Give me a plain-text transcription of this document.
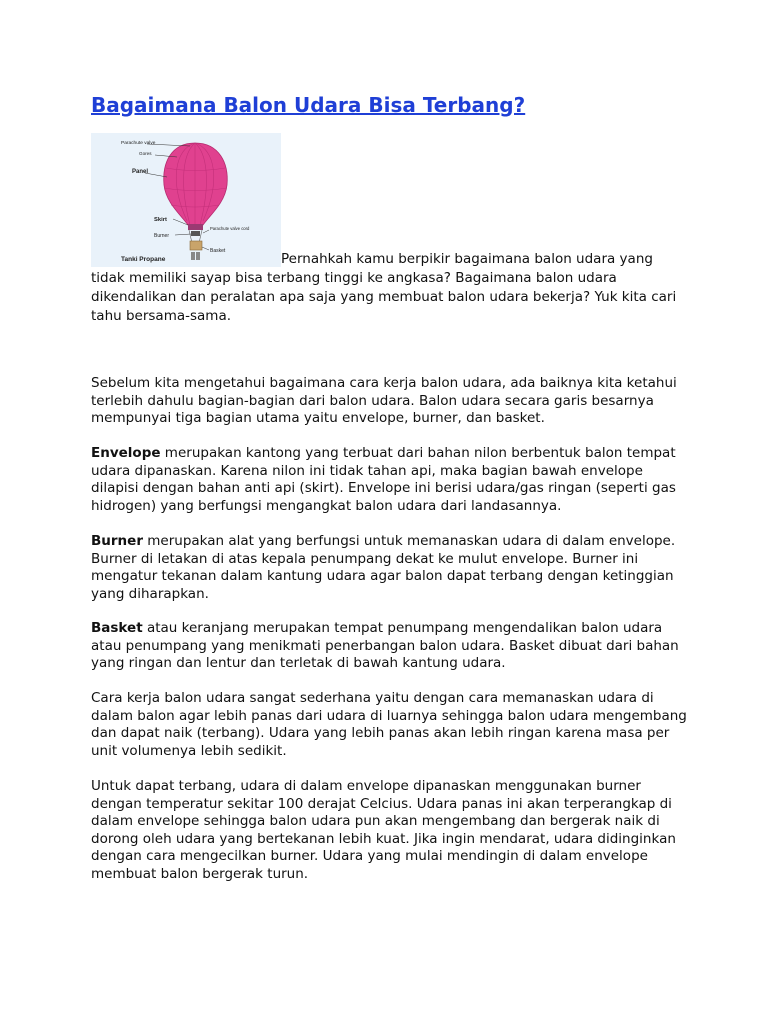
Bagaimana Balon Udara Bisa Terbang?
Parachute valve
Gores
Panel
Skirt
Burner
Parachute valve cord
Basket
Tanki Propane	Pernahkah kamu berpikir bagaimana balon udara yang
tidak memiliki sayap bisa terbang tinggi ke angkasa? Bagaimana balon udara
dikendalikan dan peralatan apa saja yang membuat balon udara bekerja? Yuk kita cari
tahu bersama-sama.
Sebelum kita mengetahui bagaimana cara kerja balon udara, ada baiknya kita ketahui
terlebih dahulu bagian-bagian dari balon udara. Balon udara secara garis besarnya
mempunyai tiga bagian utama yaitu envelope, burner, dan basket.
Envelope merupakan kantong yang terbuat dari bahan nilon berbentuk balon tempat
udara dipanaskan. Karena nilon ini tidak tahan api, maka bagian bawah envelope
dilapisi dengan bahan anti api (skirt). Envelope ini berisi udara/gas ringan (seperti gas
hidrogen) yang berfungsi mengangkat balon udara dari landasannya.
Burner merupakan alat yang berfungsi untuk memanaskan udara di dalam envelope.
Burner di letakan di atas kepala penumpang dekat ke mulut envelope. Burner ini
mengatur tekanan dalam kantung udara agar balon dapat terbang dengan ketinggian
yang diharapkan.
Basket atau keranjang merupakan tempat penumpang mengendalikan balon udara
atau penumpang yang menikmati penerbangan balon udara. Basket dibuat dari bahan
yang ringan dan lentur dan terletak di bawah kantung udara.
Cara kerja balon udara sangat sederhana yaitu dengan cara memanaskan udara di
dalam balon agar lebih panas dari udara di luarnya sehingga balon udara mengembang
dan dapat naik (terbang). Udara yang lebih panas akan lebih ringan karena masa per
unit volumenya lebih sedikit.
Untuk dapat terbang, udara di dalam envelope dipanaskan menggunakan burner
dengan temperatur sekitar 100 derajat Celcius. Udara panas ini akan terperangkap di
dalam envelope sehingga balon udara pun akan mengembang dan bergerak naik di
dorong oleh udara yang bertekanan lebih kuat. Jika ingin mendarat, udara didinginkan
dengan cara mengecilkan burner. Udara yang mulai mendingin di dalam envelope
membuat balon bergerak turun.
